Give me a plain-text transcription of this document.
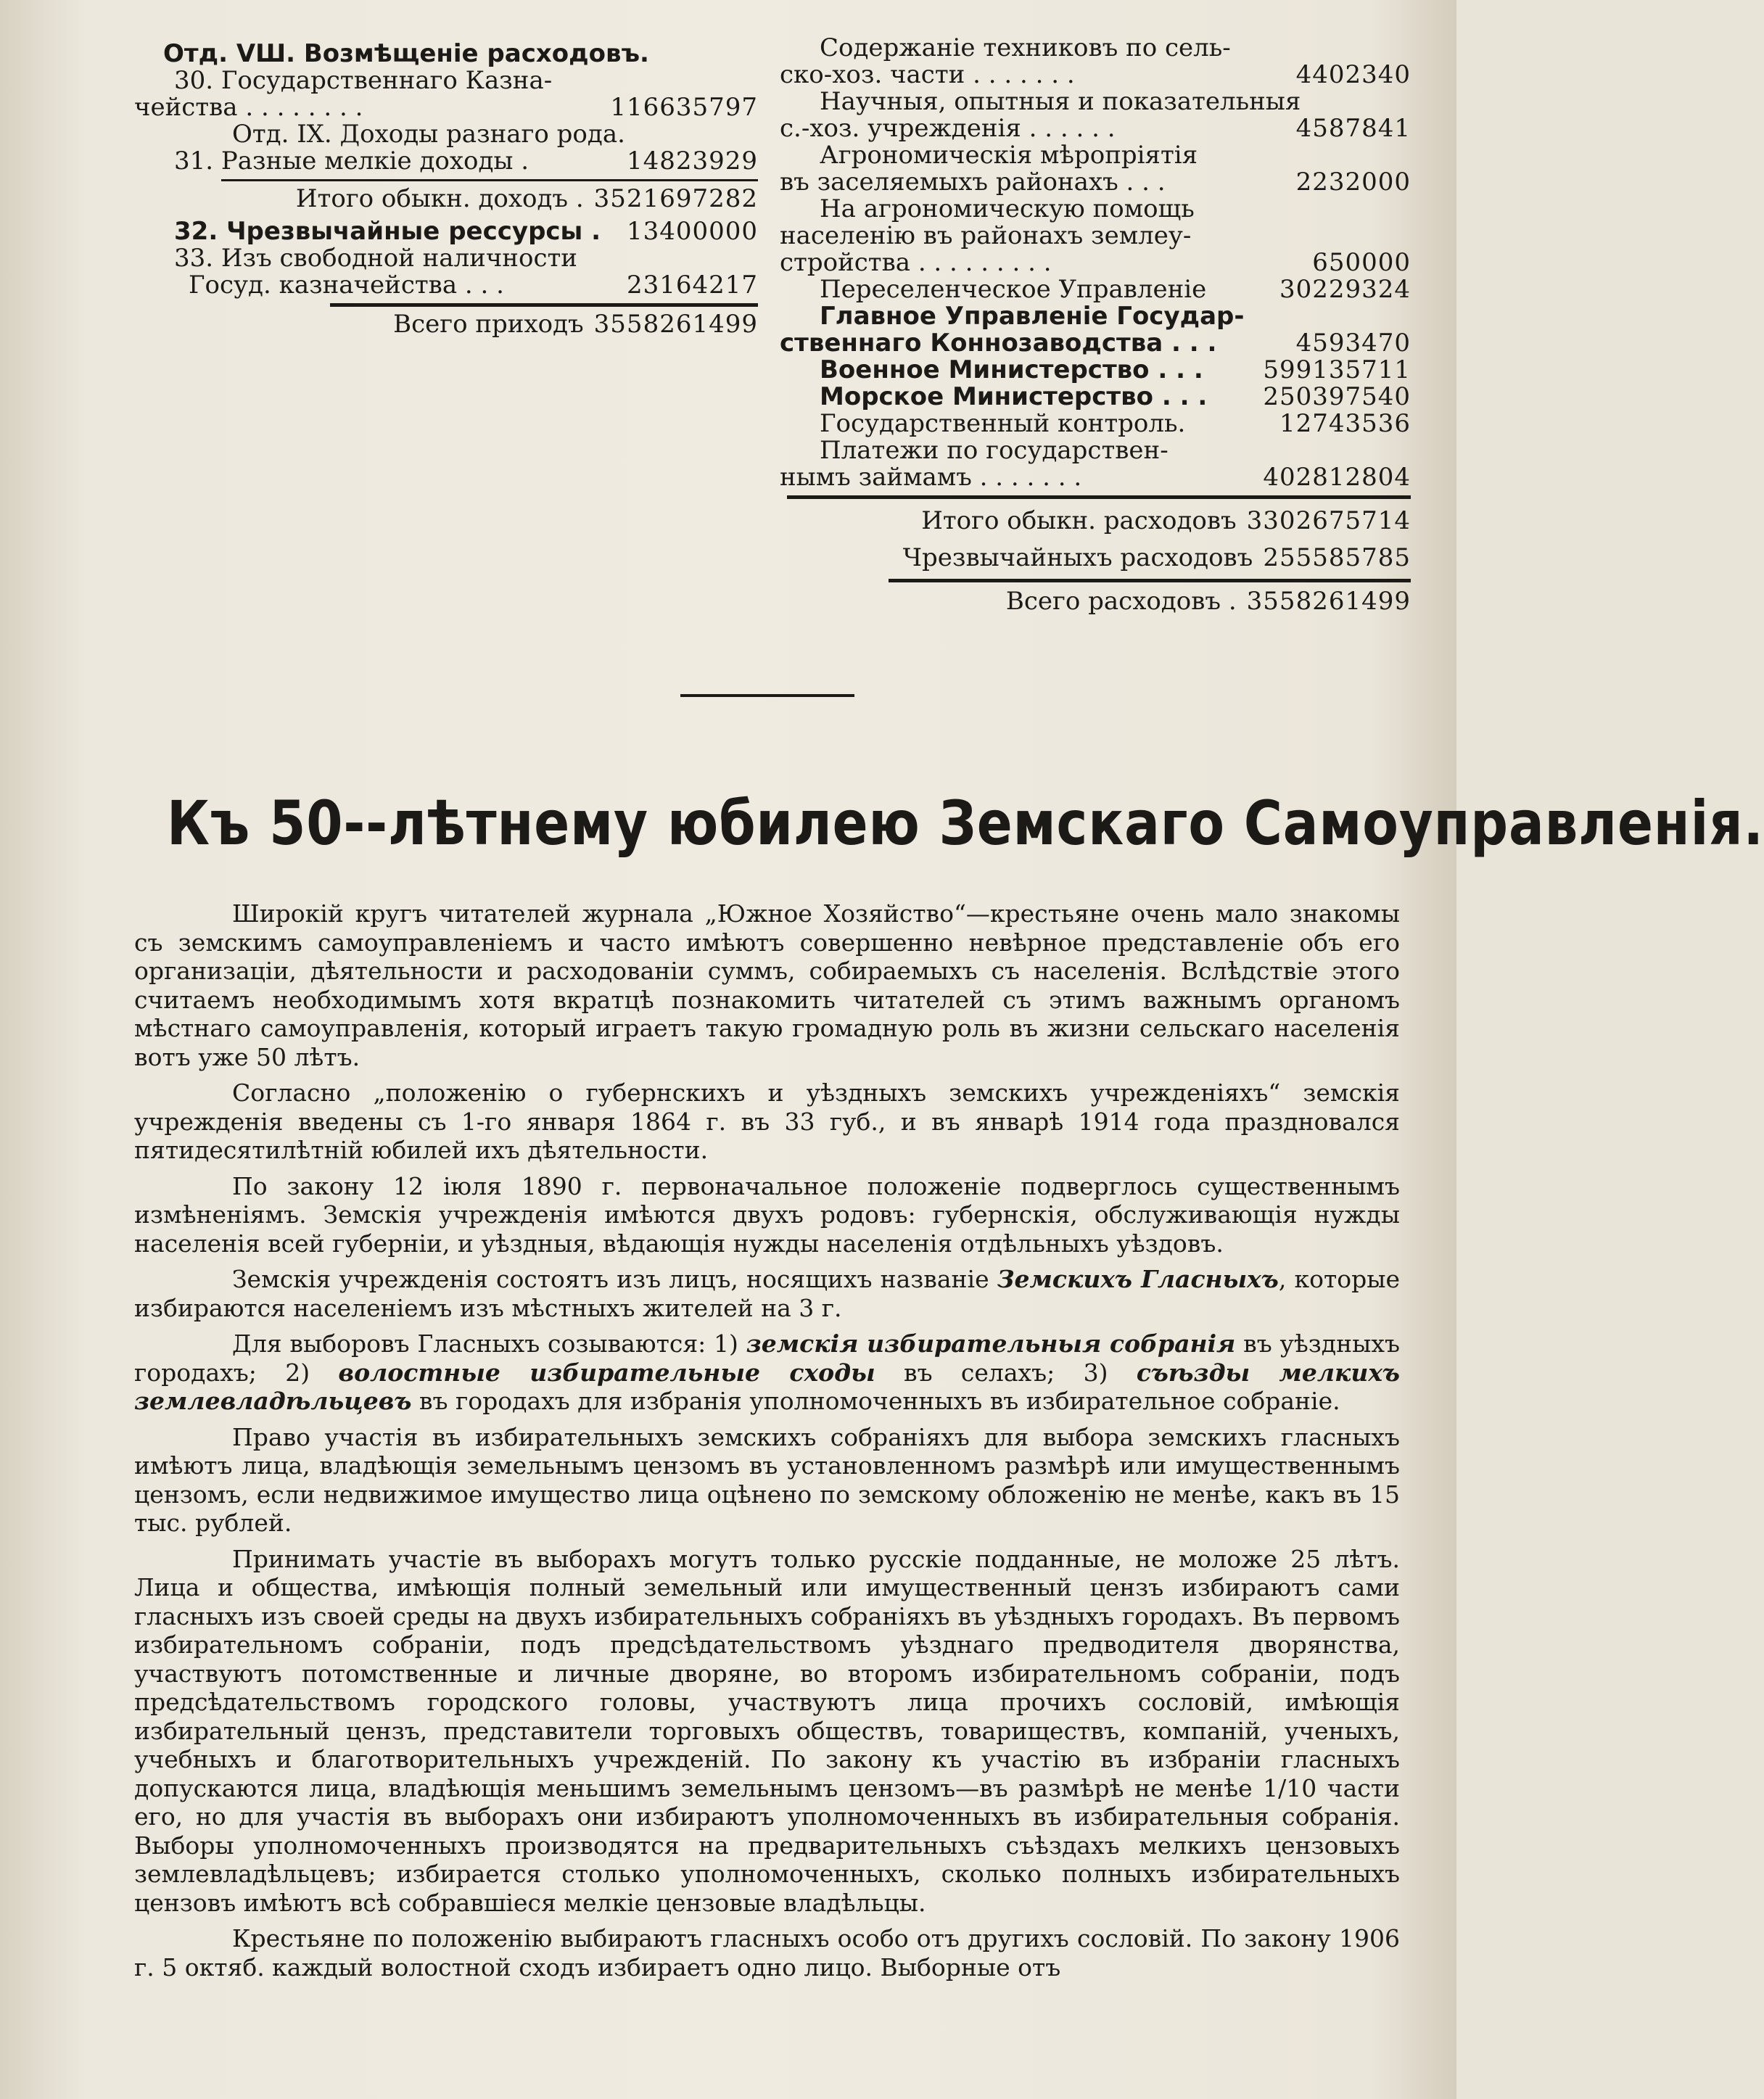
Отд. VШ. Возмѣщеніе расходовъ.
30. Государственнаго Казна-
чейства . . . . . . . .	116635797
Отд. IX. Доходы разнаго рода.
31. Разные мелкіе доходы .	14823929
Итого обыкн. доходъ . 3521697282
32. Чрезвычайные рессурсы . 13400000
33. Изъ свободной наличности
Госуд. казначейства . . .	23164217
Всего приходъ 3558261499
Содержаніе техниковъ по сель-
ско-хоз. части . . . . . . .	4402340
Научныя, опытныя и показательныя
с.-хоз. учрежденія . . . . . .	4587841
Агрономическія мѣропріятія
въ заселяемыхъ районахъ . . .	2232000
На агрономическую помощь
населенію въ районахъ землеу-
стройства . . . . . . . . .	650000
Переселенческое Управленіе	30229324
Главное Управленіе Государ-
ственнаго Коннозаводства . . .	4593470
Военное Министерство . . . 599135711
Морское Министерство . . . 250397540
Государственный контроль.	12743536
Платежи по государствен-
нымъ займамъ . . . . . . .	402812804
Итого обыкн. расходовъ 3302675714
Чрезвычайныхъ расходовъ 255585785
Всего расходовъ . 3558261499
Къ 50--лѣтнему юбилею Земскаго Самоуправленія.

Широкій кругъ читателей журнала „Южное Хозяйство“—крестьяне очень мало знакомы съ земскимъ самоуправленіемъ и часто имѣютъ совершенно невѣрное представленіе объ его организаціи, дѣятельности и расходованіи суммъ, собираемыхъ съ населенія. Вслѣдствіе этого считаемъ необходимымъ хотя вкратцѣ познакомить читателей съ этимъ важнымъ органомъ мѣстнаго самоуправленія, который играетъ такую громадную роль въ жизни сельскаго населенія вотъ уже 50 лѣтъ.

Согласно „положенію о губернскихъ и уѣздныхъ земскихъ учрежденіяхъ“ земскія учрежденія введены съ 1-го января 1864 г. въ 33 губ., и въ январѣ 1914 года праздновался пятидесятилѣтній юбилей ихъ дѣятельности.

По закону 12 іюля 1890 г. первоначальное положеніе подверглось существеннымъ измѣненіямъ. Земскія учрежденія имѣются двухъ родовъ: губернскія, обслуживающія нужды населенія всей губерніи, и уѣздныя, вѣдающія нужды населенія отдѣльныхъ уѣздовъ.

Земскія учрежденія состоятъ изъ лицъ, носящихъ названіе Земскихъ Гласныхъ, которые избираются населеніемъ изъ мѣстныхъ жителей на 3 г.

Для выборовъ Гласныхъ созываются: 1) земскія избирательныя собранія въ уѣздныхъ городахъ; 2) волостные избирательные сходы въ селахъ; 3) съѣзды мелкихъ землевладѣльцевъ въ городахъ для избранія уполномоченныхъ въ избирательное собраніе.

Право участія въ избирательныхъ земскихъ собраніяхъ для выбора земскихъ гласныхъ имѣютъ лица, владѣющія земельнымъ цензомъ въ установленномъ размѣрѣ или имущественнымъ цензомъ, если недвижимое имущество лица оцѣнено по земскому обложенію не менѣе, какъ въ 15 тыс. рублей.

Принимать участіе въ выборахъ могутъ только русскіе подданные, не моложе 25 лѣтъ. Лица и общества, имѣющія полный земельный или имущественный цензъ избираютъ сами гласныхъ изъ своей среды на двухъ избирательныхъ собраніяхъ въ уѣздныхъ городахъ. Въ первомъ избирательномъ собраніи, подъ предсѣдательствомъ уѣзднаго предводителя дворянства, участвуютъ потомственные и личные дворяне, во второмъ избирательномъ собраніи, подъ предсѣдательствомъ городского головы, участвуютъ лица прочихъ сословій, имѣющія избирательный цензъ, представители торговыхъ обществъ, товариществъ, компаній, ученыхъ, учебныхъ и благотворительныхъ учрежденій. По закону къ участію въ избраніи гласныхъ допускаются лица, владѣющія меньшимъ земельнымъ цензомъ—въ размѣрѣ не менѣе 1/10 части его, но для участія въ выборахъ они избираютъ уполномоченныхъ въ избирательныя собранія. Выборы уполномоченныхъ производятся на предварительныхъ съѣздахъ мелкихъ цензовыхъ землевладѣльцевъ; избирается столько уполномоченныхъ, сколько полныхъ избирательныхъ цензовъ имѣютъ всѣ собравшіеся мелкіе цензовые владѣльцы.

Крестьяне по положенію выбираютъ гласныхъ особо отъ другихъ сословій. По закону 1906 г. 5 октяб. каждый волостной сходъ избираетъ одно лицо. Выборные отъ
